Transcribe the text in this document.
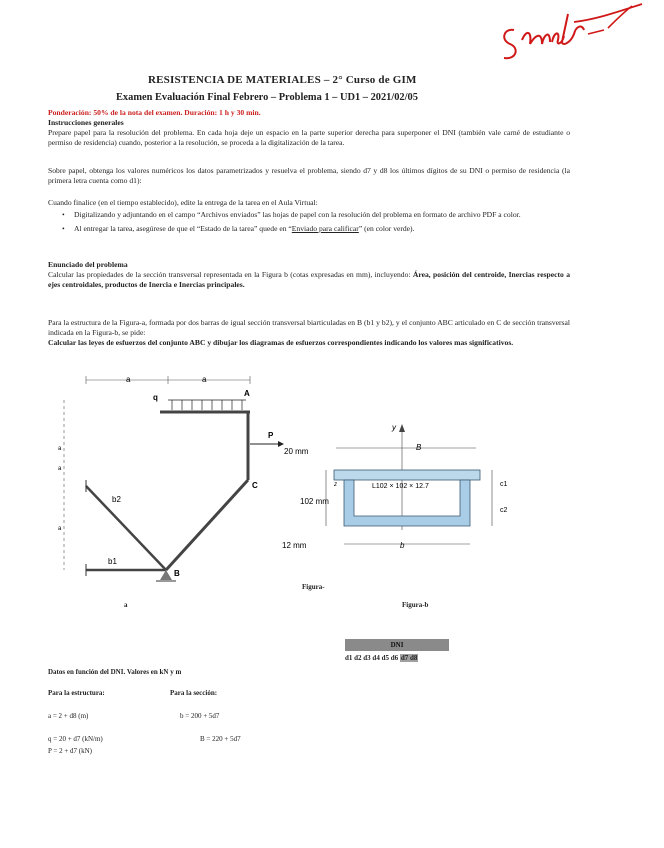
RESISTENCIA DE MATERIALES – 2° Curso de GIM
Examen Evaluación Final Febrero – Problema 1 – UD1 – 2021/02/05
Ponderación: 50% de la nota del examen. Duración: 1 h y 30 min.
Instrucciones generales
Prepare papel para la resolución del problema. En cada hoja deje un espacio en la parte superior derecha para superponer el DNI (también vale carné de estudiante o permiso de residencia) cuando, posterior a la resolución, se proceda a la digitalización de la tarea.
Sobre papel, obtenga los valores numéricos los datos parametrizados y resuelva el problema, siendo d7 y d8 los últimos dígitos de su DNI o permiso de residencia (la primera letra cuenta como d1):
Cuando finalice (en el tiempo establecido), edite la entrega de la tarea en el Aula Virtual:
• Digitalizando y adjuntando en el campo “Archivos enviados” las hojas de papel con la resolución del problema en formato de archivo PDF a color.
• Al entregar la tarea, asegúrese de que el “Estado de la tarea” quede en “Enviado para calificar” (en color verde).
Enunciado del problema
Calcular las propiedades de la sección transversal representada en la Figura b (cotas expresadas en mm), incluyendo: Área, posición del centroide, Inercias respecto a ejes centroidales, productos de Inercia e Inercias principales.
Para la estructura de la Figura-a, formada por dos barras de igual sección transversal biarticuladas en B (b1 y b2), y el conjunto ABC articulado en C de sección transversal indicada en la Figura-b, se pide:
Calcular las leyes de esfuerzos del conjunto ABC y dibujar los diagramas de esfuerzos correspondientes indicando los valores mas significativos.
a	a
a
a
a
q	A
P
C
b2
b1
B
Figura-
a
y
B
L102 × 102 × 12.7
z
20 mm
102 mm
12 mm	b
c1
c2
Figura-b
DNI
d1 d2 d3 d4 d5 d6 d7 d8
Datos en función del DNI. Valores en kN y m
Para la estructura:	Para la sección:
a = 2 + d8 (m)	b = 200 + 5d7
q = 20 + d7 (kN/m)	B = 220 + 5d7
P = 2 + d7 (kN)
